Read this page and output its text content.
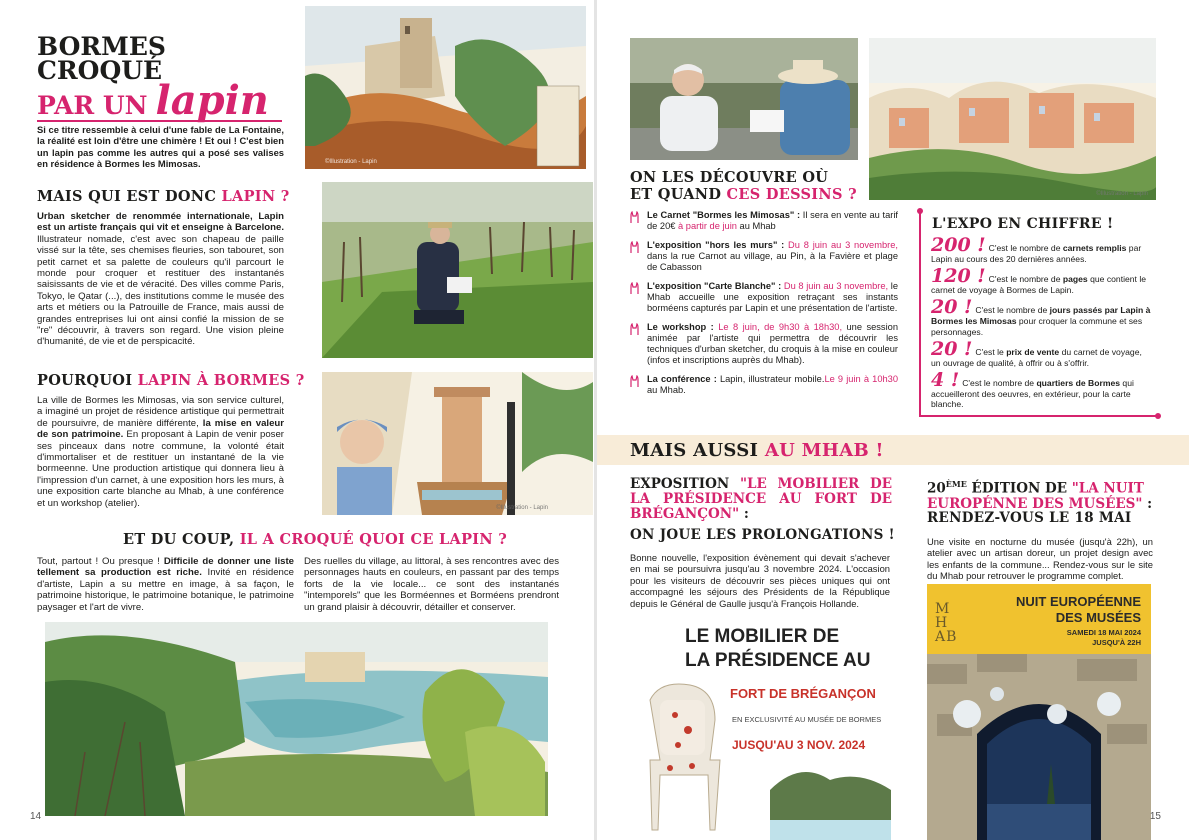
BORMES
CROQUÉ
PAR UN lapin

Si ce titre ressemble à celui d'une fable de La Fontaine, la réalité est loin d'être une chimère ! Et oui ! C'est bien un lapin pas comme les autres qui a posé ses valises en résidence à Bormes les Mimosas.	©Illustration - Lapin
MAIS QUI EST DONC LAPIN ?

Urban sketcher de renommée internationale, Lapin est un artiste français qui vit et enseigne à Barcelone. Illustrateur nomade, c'est avec son chapeau de paille vissé sur la tête, ses chemises fleuries, son tabouret, son petit carnet et sa palette de couleurs qu'il parcourt le monde pour croquer et restituer des instantanés saisissants de vie et de véracité. Des villes comme Paris, Tokyo, le Qatar (...), des institutions comme le musée des arts et métiers ou la Patrouille de France, mais aussi de grandes entreprises lui ont ainsi confié la mission de se "re" découvrir, à travers son regard. Une vision pleine d'humanité, de vie et de perspicacité.

POURQUOI LAPIN À BORMES ?

La ville de Bormes les Mimosas, via son service culturel, a imaginé un projet de résidence artistique qui permettrait de poursuivre, de manière différente, la mise en valeur de son patrimoine. En proposant à Lapin de venir poser ses pinceaux dans notre commune, la volonté était d'immortaliser et de restituer un instantané de la vie bormeenne. Une production artistique qui donnera lieu à l'impression d'un carnet, à une exposition hors les murs, à une exposition carte blanche au Mhab, à une conférence et un workshop (atelier).	©Illustration - Lapin
ET DU COUP, IL A CROQUÉ QUOI CE LAPIN ?

Tout, partout ! Ou presque ! Difficile de donner une liste tellement sa production est riche. Invité en résidence d'artiste, Lapin a su mettre en image, à sa façon, le patrimoine historique, le patrimoine botanique, le patrimoine paysager et l'art de vivre.

Des ruelles du village, au littoral, à ses rencontres avec des personnages hauts en couleurs, en passant par des temps forts de la vie locale... ce sont des instantanés "intemporels" que les Borméennes et Borméens prendront un grand plaisir à découvrir, détailler et conserver.

14
©Illustration - Lapin
ON LES DÉCOUVRE OÙ
ET QUAND CES DESSINS ?
Le Carnet "Bormes les Mimosas" : Il sera en vente au tarif de 20€ à partir de juin au Mhab
L'exposition "hors les murs" : Du 8 juin au 3 novembre, dans la rue Carnot au village, au Pin, à la Favière et plage de Cabasson
L'exposition "Carte Blanche" : Du 8 juin au 3 novembre, le Mhab accueille une exposition retraçant ses instants borméens capturés par Lapin et une présentation de l'artiste.
Le workshop : Le 8 juin, de 9h30 à 18h30, une session animée par l'artiste qui permettra de découvrir les techniques d'urban sketcher, du croquis à la mise en couleur (infos et inscriptions auprès du Mhab).
La conférence : Lapin, illustrateur mobile.Le 9 juin à 10h30 au Mhab.
L'EXPO EN CHIFFRE !
200 ! C'est le nombre de carnets remplis par Lapin au cours des 20 dernières années.
120 ! C'est le nombre de pages que contient le carnet de voyage à Bormes de Lapin.
20 ! C'est le nombre de jours passés par Lapin à Bormes les Mimosas pour croquer la commune et ses personnages.
20 ! C'est le prix de vente du carnet de voyage, un ouvrage de qualité, à offrir ou à s'offrir.
4 ! C'est le nombre de quartiers de Bormes qui accueilleront des oeuvres, en extérieur, pour la carte blanche.
MAIS AUSSI AU MHAB !
EXPOSITION "LE MOBILIER DE LA PRÉSIDENCE AU FORT DE BRÉGANÇON" :
ON JOUE LES PROLONGATIONS !

Bonne nouvelle, l'exposition évènement qui devait s'achever en mai se poursuivra jusqu'au 3 novembre 2024. L'occasion pour les visiteurs de découvrir ses pièces uniques qui ont accompagné les séjours des Présidents de la République depuis le Général de Gaulle jusqu'à François Hollande.

LE MOBILIER DE
LA PRÉSIDENCE AU
FORT DE BRÉGANÇON
EN EXCLUSIVITÉ AU MUSÉE DE BORMES
JUSQU'AU 3 NOV. 2024
20ÈME ÉDITION DE "LA NUIT EUROPÉNNE DES MUSÉES" :
RENDEZ-VOUS LE 18 MAI

Une visite en nocturne du musée (jusqu'à 22h), un atelier avec un artisan doreur, un projet design avec les enfants de la commune... Rendez-vous sur le site du Mhab pour retrouver le programme complet.

MHAB
NUIT EUROPÉENNE
DES MUSÉES
SAMEDI 18 MAI 2024
JUSQU'À 22H
15
